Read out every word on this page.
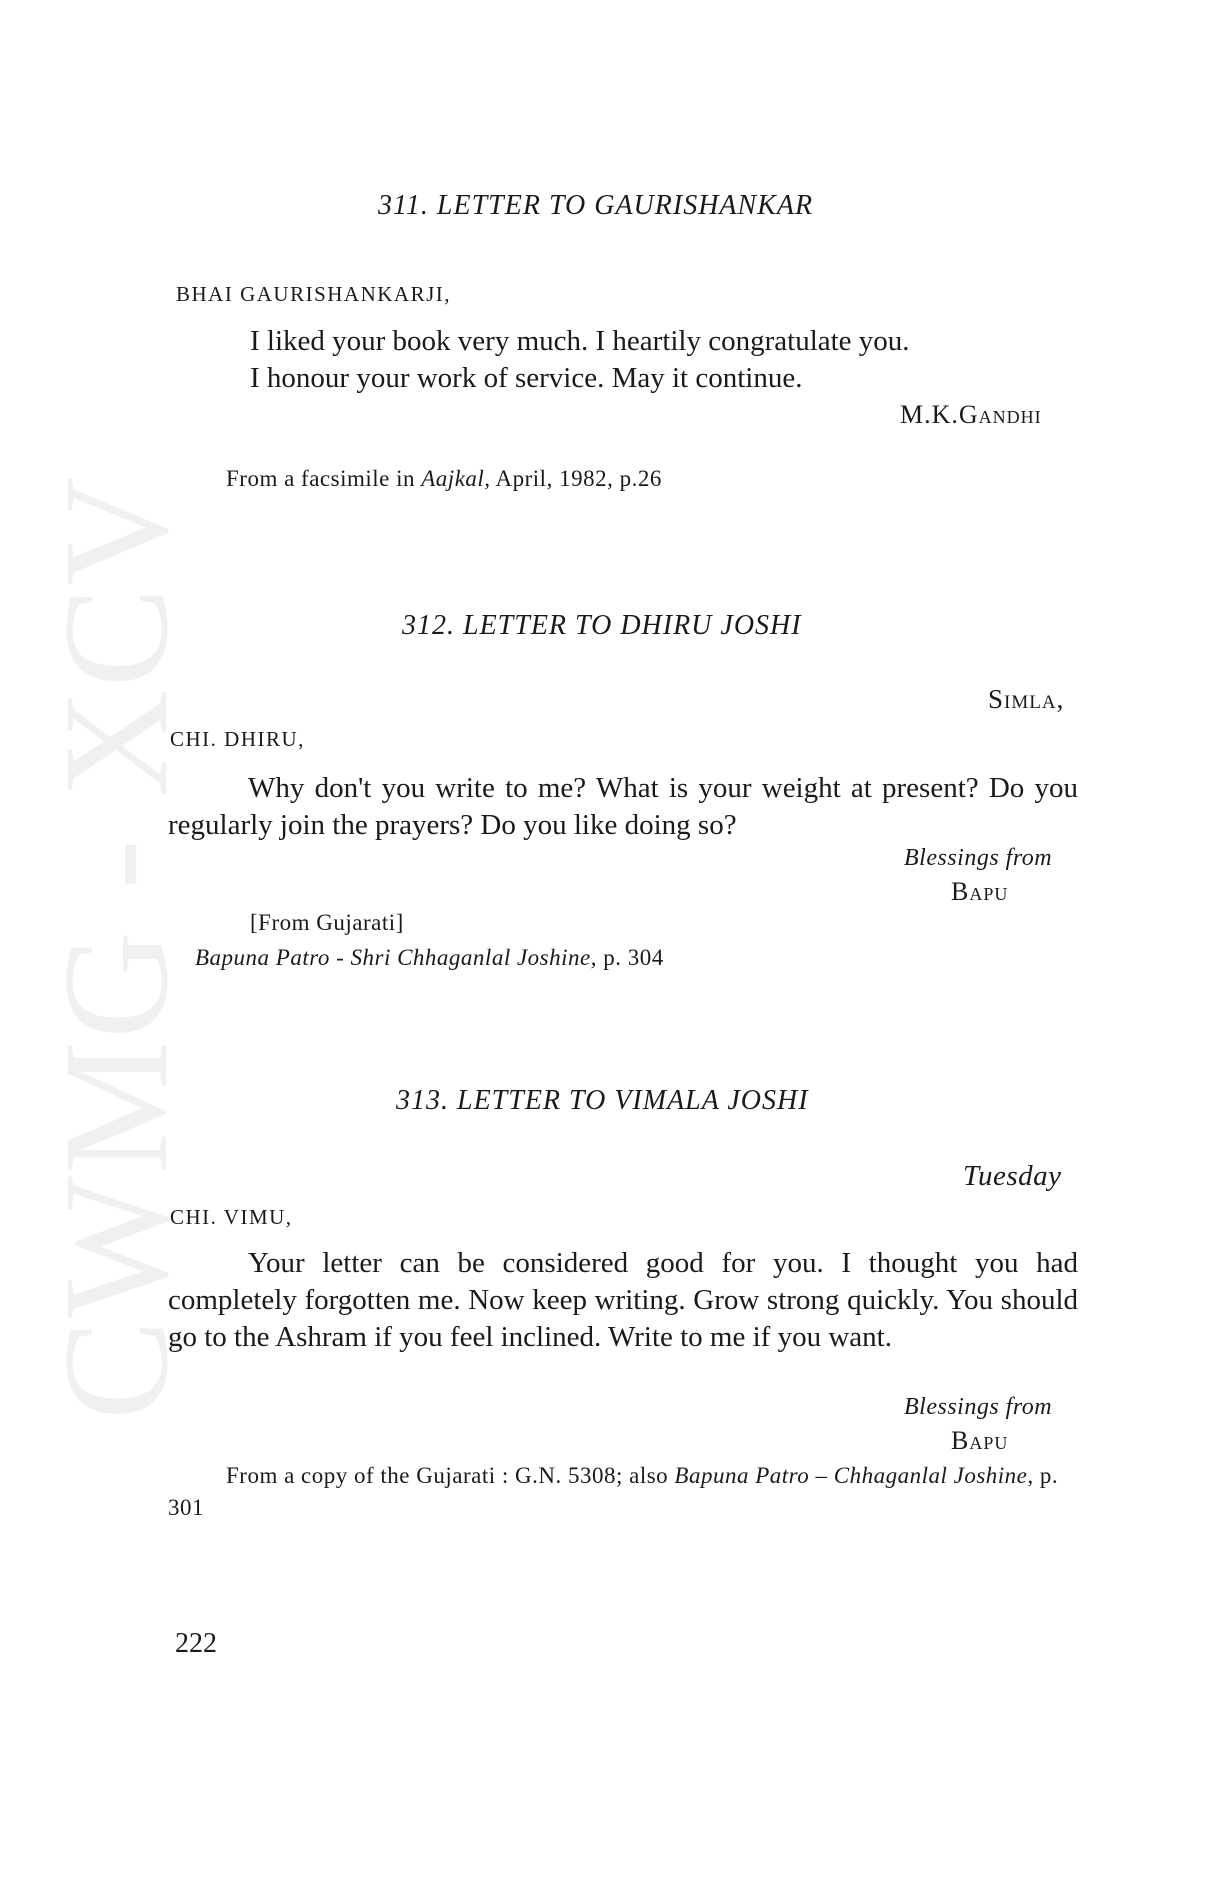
CWMG - XCV
311. LETTER TO GAURISHANKAR
BHAI GAURISHANKARJI,
I liked your book very much. I heartily congratulate you.
I honour your work of service. May it continue.
M.K.Gandhi
From a facsimile in Aajkal, April, 1982, p.26
312. LETTER TO DHIRU JOSHI
Simla,
CHI. DHIRU,
Why don't you write to me? What is your weight at present? Do you regularly join the prayers? Do you like doing so?
Blessings from
Bapu
[From Gujarati]
Bapuna Patro - Shri Chhaganlal Joshine, p. 304
313. LETTER TO VIMALA JOSHI
Tuesday
CHI. VIMU,
Your letter can be considered good for you. I thought you had completely forgotten me. Now keep writing. Grow strong quickly. You should go to the Ashram if you feel inclined. Write to me if you want.
Blessings from
Bapu
From a copy of the Gujarati : G.N. 5308; also Bapuna Patro – Chhaganlal Joshine, p. 301
222
